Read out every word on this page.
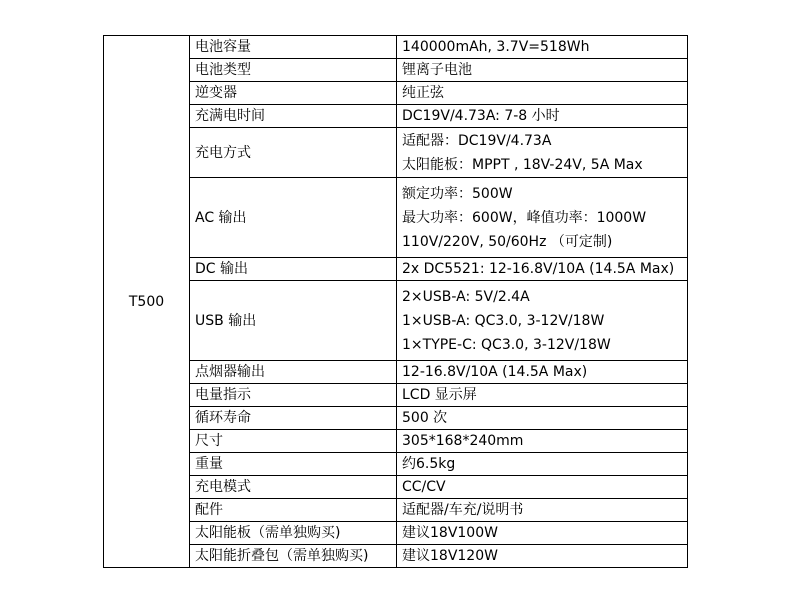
T500	电池容量	140000mAh, 3.7V=518Wh
	电池类型	锂离子电池
	逆变器	纯正弦
	充满电时间	DC19V/4.73A: 7-8 小时
	充电方式	适配器：DC19V/4.73A
太阳能板：MPPT , 18V-24V, 5A Max

	AC 输出	额定功率：500W
最大功率：600W，峰值功率：1000W
110V/220V, 50/60Hz （可定制)

	DC 输出	2x DC5521: 12-16.8V/10A (14.5A Max)
	USB 输出	2×USB-A: 5V/2.4A
1×USB-A: QC3.0, 3-12V/18W
1×TYPE-C: QC3.0, 3-12V/18W

	点烟器输出	12-16.8V/10A (14.5A Max)
	电量指示	LCD 显示屏
	循环寿命	500 次
	尺寸	305*168*240mm
	重量	约6.5kg
	充电模式	CC/CV
	配件	适配器/车充/说明书
	太阳能板（需单独购买)	建议18V100W
	太阳能折叠包（需单独购买)	建议18V120W
